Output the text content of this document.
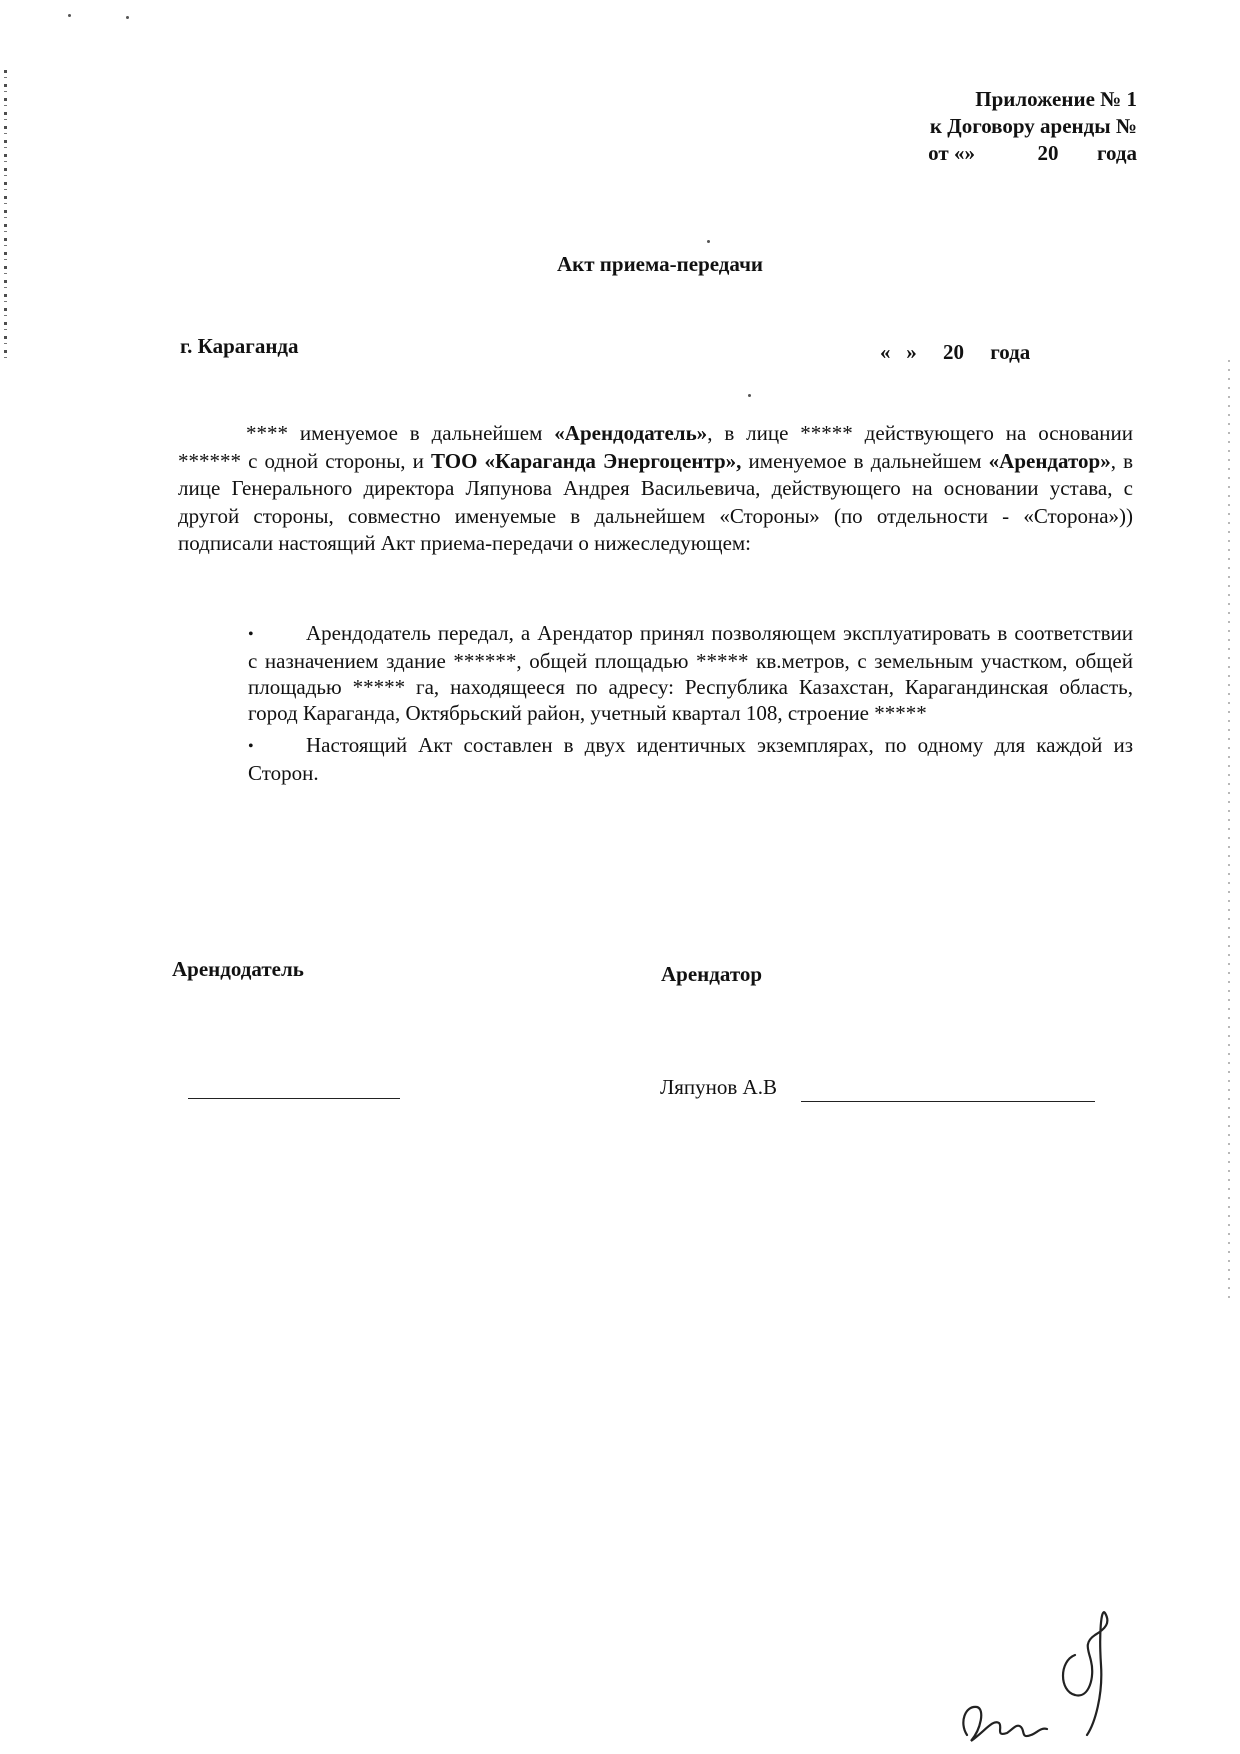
Приложение № 1
к Договору аренды №
от «»	20 года
Акт приема-передачи
г. Караганда	«   »     20     года
**** именуемое в дальнейшем «Арендодатель», в лице ***** действующего на основании ****** с одной стороны, и ТОО «Караганда Энергоцентр», именуемое в дальнейшем «Арендатор», в лице Генерального директора Ляпунова Андрея Васильевича, действующего на основании устава, с другой стороны, совместно именуемые в дальнейшем «Стороны» (по отдельности - «Сторона»)) подписали настоящий Акт приема-передачи о нижеследующем:
• Арендодатель передал, а Арендатор принял позволяющем эксплуатировать в соответствии с назначением здание ******, общей площадью ***** кв.метров, с земельным участком, общей площадью ***** га, находящееся по адресу: Республика Казахстан, Карагандинская область, город Караганда, Октябрьский район, учетный квартал 108, строение *****
• Настоящий Акт составлен в двух идентичных экземплярах, по одному для каждой из Сторон.
Арендодатель	Арендатор
Ляпунов А.В
